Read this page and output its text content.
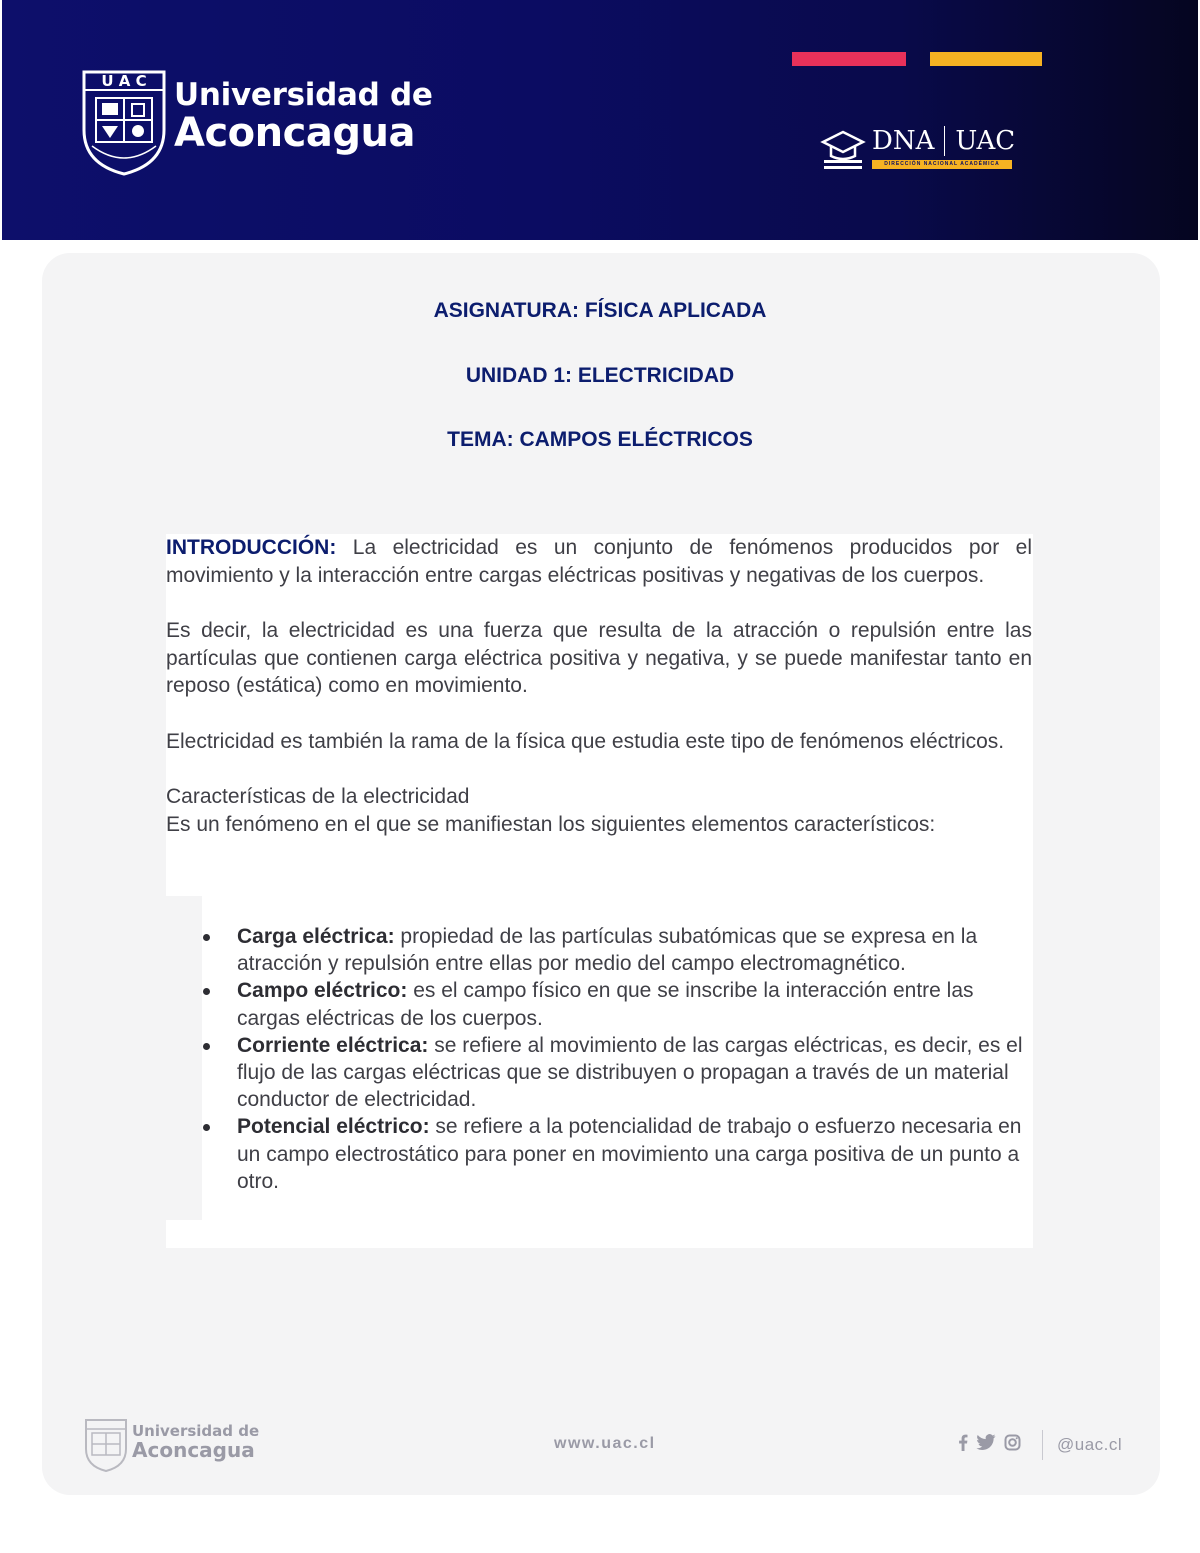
U A C Universidad de
Aconcagua	DNA UAC
DIRECCIÓN NACIONAL ACADÉMICA
ASIGNATURA: FÍSICA APLICADA
UNIDAD 1: ELECTRICIDAD
TEMA: CAMPOS ELÉCTRICOS

INTRODUCCIÓN: La electricidad es un conjunto de fenómenos producidos por el movimiento y la interacción entre cargas eléctricas positivas y negativas de los cuerpos.

Es decir, la electricidad es una fuerza que resulta de la atracción o repulsión entre las partículas que contienen carga eléctrica positiva y negativa, y se puede manifestar tanto en reposo (estática) como en movimiento.

Electricidad es también la rama de la física que estudia este tipo de fenómenos eléctricos.

Características de la electricidad

Es un fenómeno en el que se manifiestan los siguientes elementos característicos:

Carga eléctrica: propiedad de las partículas subatómicas que se expresa en la atracción y repulsión entre ellas por medio del campo electromagnético.
Campo eléctrico: es el campo físico en que se inscribe la interacción entre las cargas eléctricas de los cuerpos.
Corriente eléctrica: se refiere al movimiento de las cargas eléctricas, es decir, es el flujo de las cargas eléctricas que se distribuyen o propagan a través de un material conductor de electricidad.
Potencial eléctrico: se refiere a la potencialidad de trabajo o esfuerzo necesaria en un campo electrostático para poner en movimiento una carga positiva de un punto a otro.
Universidad de
Aconcagua	www.uac.cl	@uac.cl
